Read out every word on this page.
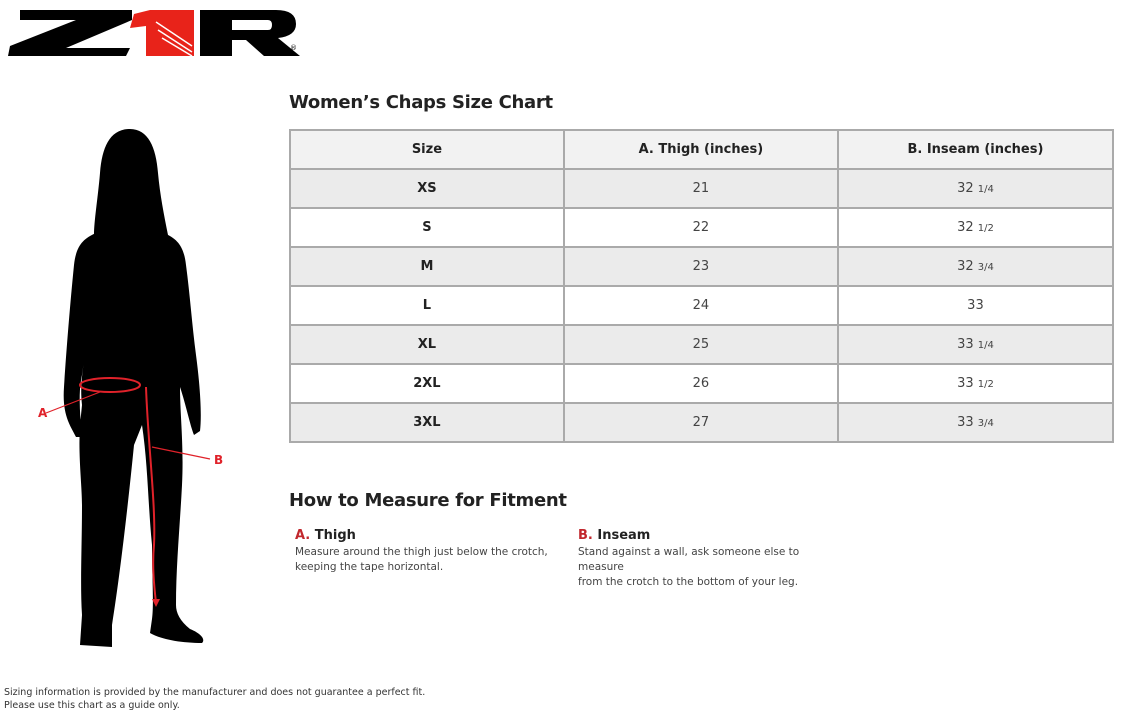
®
A
B
Women’s Chaps Size Chart
Size	A. Thigh (inches)	B. Inseam (inches)
XS	21	32 1/4
S	22	32 1/2
M	23	32 3/4
L	24	33
XL	25	33 1/4
2XL	26	33 1/2
3XL	27	33 3/4
How to Measure for Fitment
A. Thigh
Measure around the thigh just below the crotch,
keeping the tape horizontal.
B. Inseam
Stand against a wall, ask someone else to measure
from the crotch to the bottom of your leg.
Sizing information is provided by the manufacturer and does not guarantee a perfect fit.
Please use this chart as a guide only.
